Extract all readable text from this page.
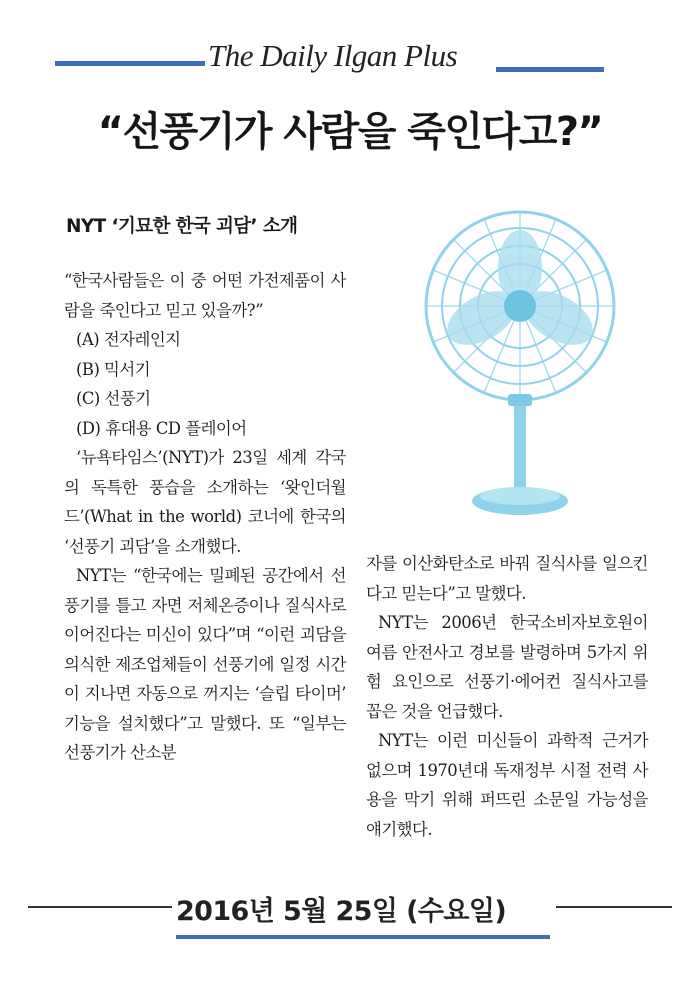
The Daily Ilgan Plus
“선풍기가 사람을 죽인다고?”
NYT ‘기묘한 한국 괴담’ 소개

“한국사람들은 이 중 어떤 가전제품이 사람을 죽인다고 믿고 있을까?”

(A) 전자레인지

(B) 믹서기

(C) 선풍기

(D) 휴대용 CD 플레이어

‘뉴욕타임스’(NYT)가 23일 세계 각국의 독특한 풍습을 소개하는 ‘왓인더월드’(What in the world) 코너에 한국의 ‘선풍기 괴담’을 소개했다.

NYT는 “한국에는 밀폐된 공간에서 선풍기를 틀고 자면 저체온증이나 질식사로 이어진다는 미신이 있다”며 “이런 괴담을 의식한 제조업체들이 선풍기에 일정 시간이 지나면 자동으로 꺼지는 ‘슬립 타이머’ 기능을 설치했다”고 말했다. 또 “일부는 선풍기가 산소분

자를 이산화탄소로 바꿔 질식사를 일으킨다고 믿는다”고 말했다.

NYT는 2006년 한국소비자보호원이 여름 안전사고 경보를 발령하며 5가지 위험 요인으로 선풍기·에어컨 질식사고를 꼽은 것을 언급했다.

NYT는 이런 미신들이 과학적 근거가 없으며 1970년대 독재정부 시절 전력 사용을 막기 위해 퍼뜨린 소문일 가능성을 얘기했다.

2016년 5월 25일 (수요일)
